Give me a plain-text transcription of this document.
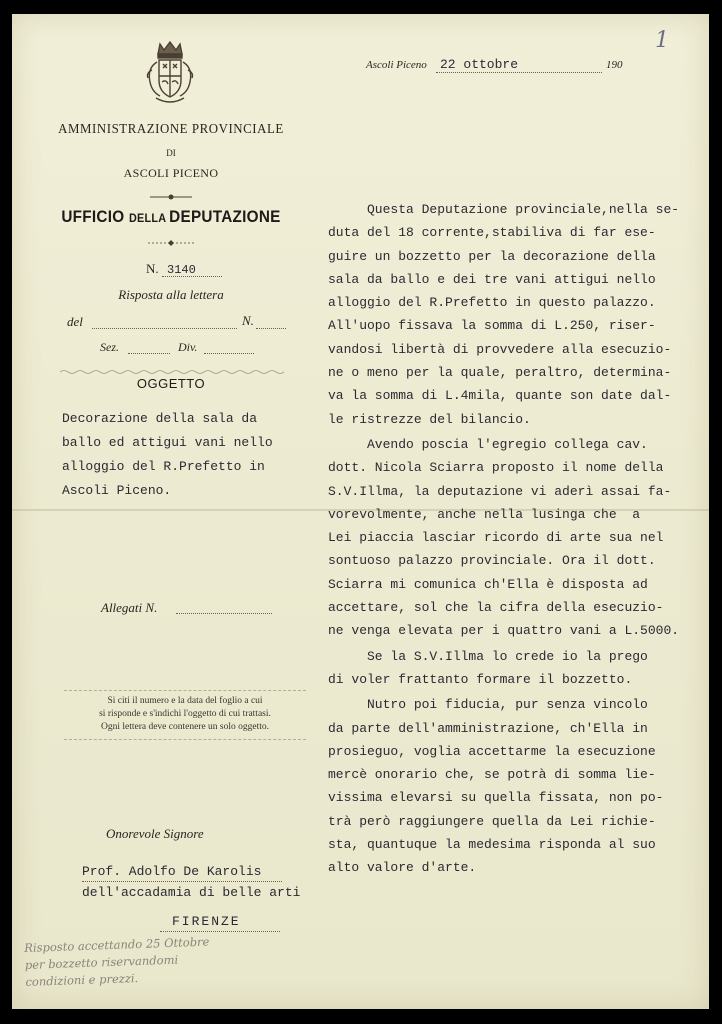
1
AMMINISTRAZIONE PROVINCIALE
DI
ASCOLI PICENO
UFFICIO DELLA DEPUTAZIONE
N. 3140
Risposta alla lettera
del	N.
Sez.	Div.
OGGETTO
Decorazione della sala da
ballo ed attigui vani nello
alloggio del R.Prefetto in
Ascoli Piceno.
Allegati N.
Si citi il numero e la data del foglio a cui
si risponde e s'indichi l'oggetto di cui trattasi.
Ogni lettera deve contenere un solo oggetto.
Onorevole Signore
Prof. Adolfo De Karolis
dell'accadamia di belle arti
FIRENZE
Risposto accettando 25 Ottobre
per bozzetto riservandomi
condizioni e prezzi.
Ascoli Piceno 22 ottobre	190

Questa Deputazione provinciale,nella se-

duta del 18 corrente,stabiliva di far ese-

guire un bozzetto per la decorazione della

sala da ballo e dei tre vani attigui nello

alloggio del R.Prefetto in questo palazzo.

All'uopo fissava la somma di L.250, riser-

vandosi libertà di provvedere alla esecuzio-

ne o meno per la quale, peraltro, determina-

va la somma di L.4mila, quante son date dal-

le ristrezze del bilancio.

Avendo poscia l'egregio collega cav.

dott. Nicola Sciarra proposto il nome della

S.V.Illma, la deputazione vi aderì assai fa-

vorevolmente, anche nella lusinga che  a

Lei piaccia lasciar ricordo di arte sua nel

sontuoso palazzo provinciale. Ora il dott.

Sciarra mi comunica ch'Ella è disposta ad

accettare, sol che la cifra della esecuzio-

ne venga elevata per i quattro vani a L.5000.

Se la S.V.Illma lo crede io la prego

di voler frattanto formare il bozzetto.

Nutro poi fiducia, pur senza vincolo

da parte dell'amministrazione, ch'Ella in

prosieguo, voglia accettarme la esecuzione

mercè onorario che, se potrà di somma lie-

vissima elevarsi su quella fissata, non po-

trà però raggiungere quella da Lei richie-

sta, quantuque la medesima risponda al suo

alto valore d'arte.
